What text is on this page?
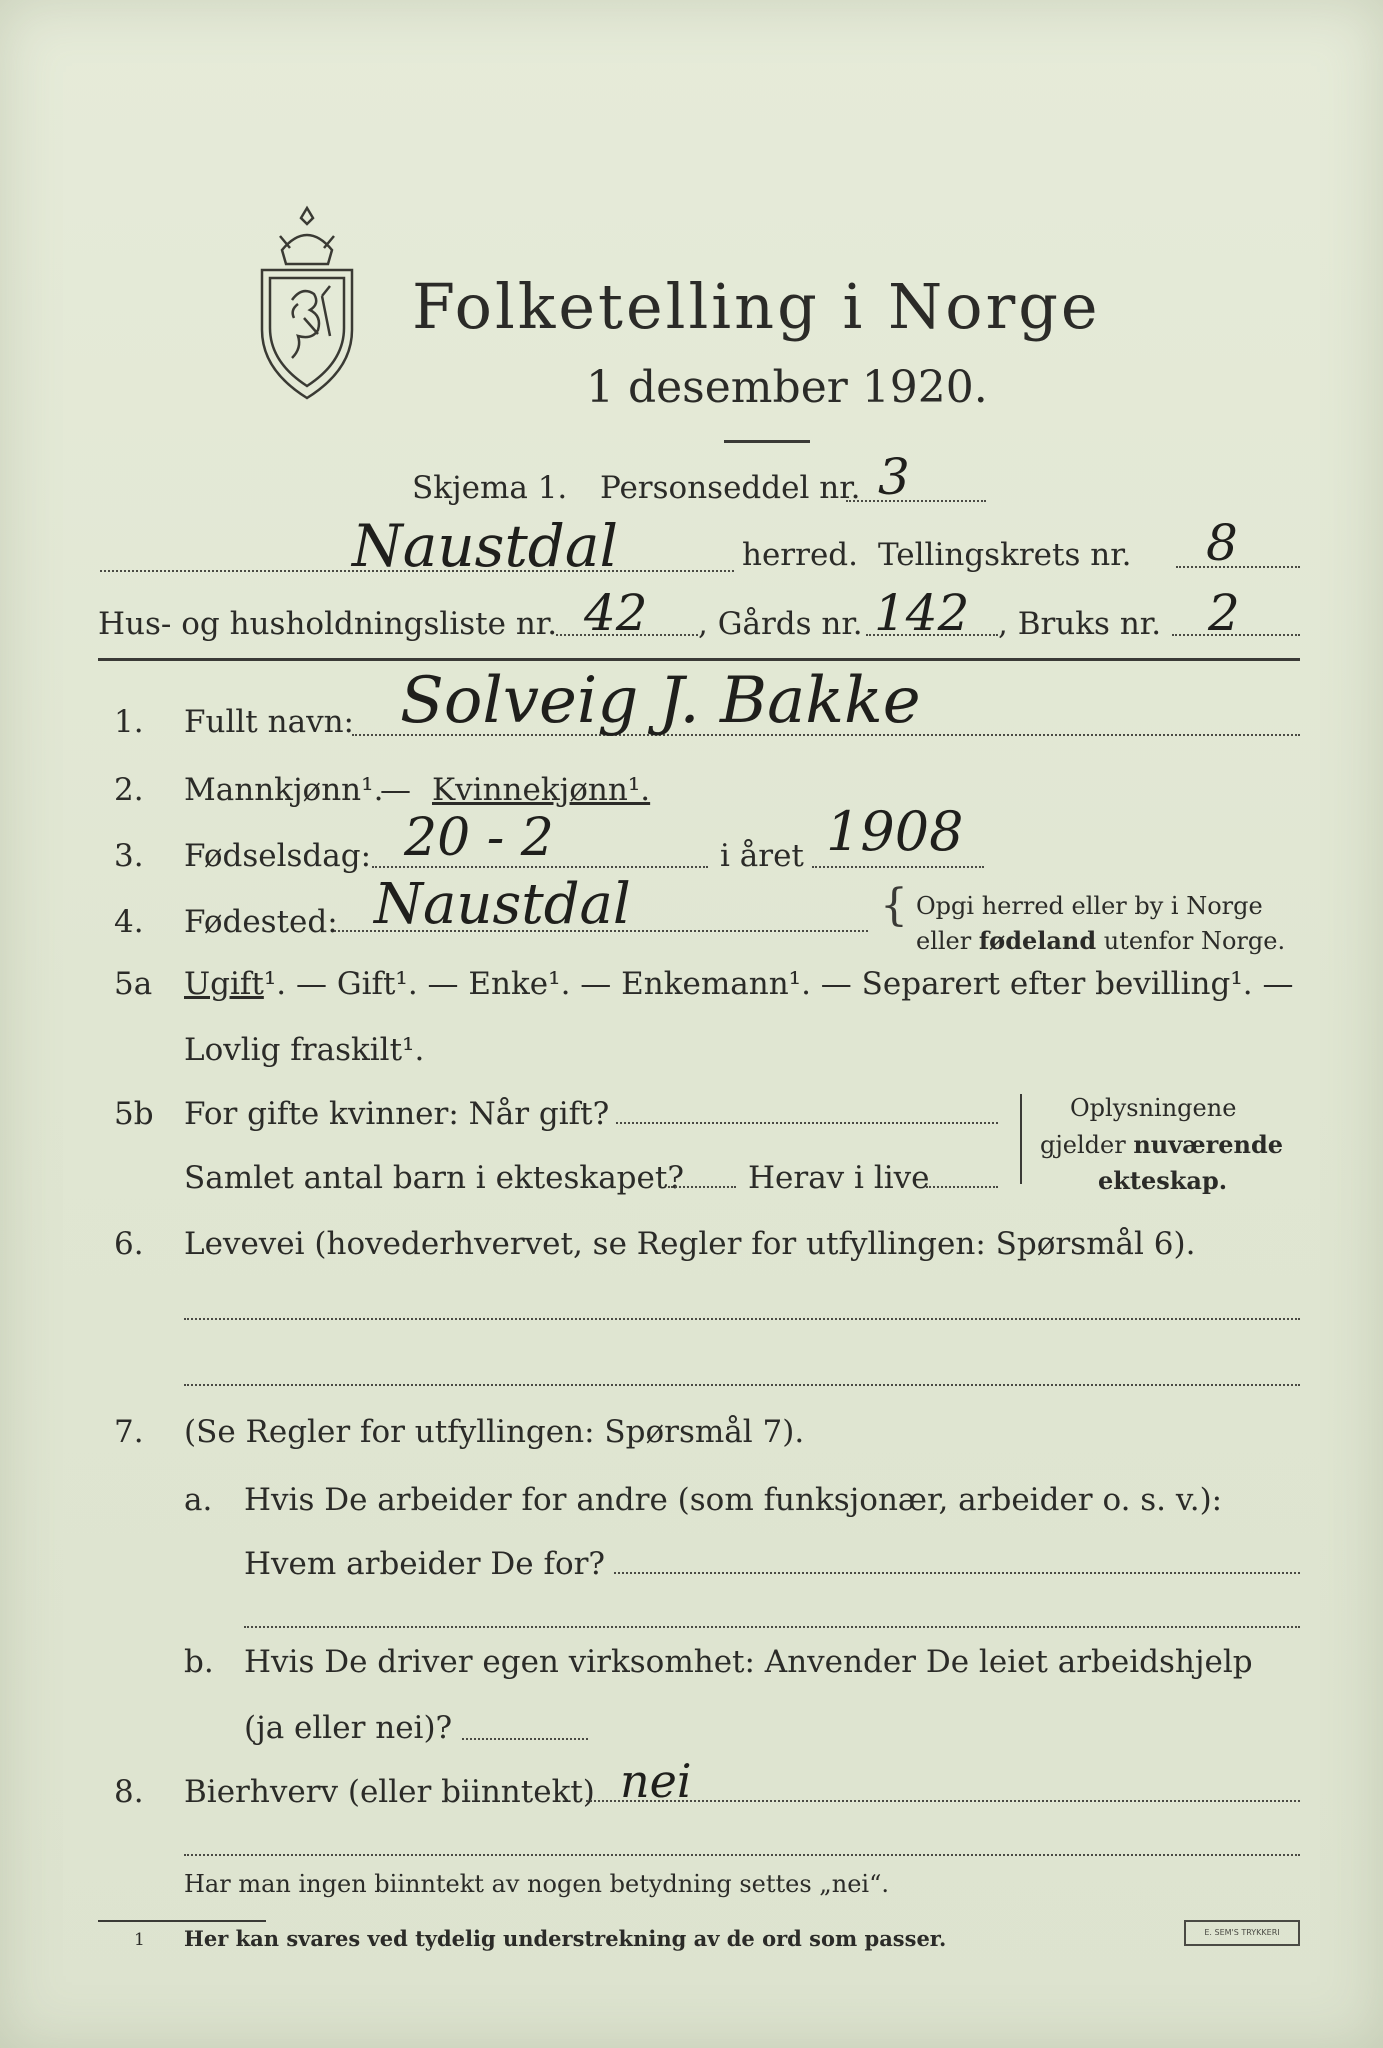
Folketelling i Norge
1 desember 1920.
Skjema 1. Personseddel nr. 3
Naustdal	herred. Tellingskrets nr. 8
Hus- og husholdningsliste nr. 42 , Gårds nr. 142 , Bruks nr. 2
1. Fullt navn: Solveig J. Bakke
2. Mannkjønn¹.
— Kvinnekjønn¹.
3. Fødselsdag: 20 - 2	i året 1908
4. Fødested: Naustdal	{ Opgi herred eller by i Norge
eller fødeland utenfor Norge.
5a Ugift¹. — Gift¹. — Enke¹. — Enkemann¹. — Separert efter bevilling¹. —
Lovlig fraskilt¹.
5b For gifte kvinner: Når gift?
Samlet antal barn i ekteskapet? Herav i live
Oplysningene
gjelder nuværende
ekteskap.
6. Levevei (hovederhvervet, se Regler for utfyllingen: Spørsmål 6).
7. (Se Regler for utfyllingen: Spørsmål 7).
a. Hvis De arbeider for andre (som funksjonær, arbeider o. s. v.):
Hvem arbeider De for?
b. Hvis De driver egen virksomhet: Anvender De leiet arbeidshjelp
(ja eller nei)?
8. Bierhverv (eller biinntekt) nei
Har man ingen biinntekt av nogen betydning settes „nei“.
1 Her kan svares ved tydelig understrekning av de ord som passer.	E. SEM'S TRYKKERI
